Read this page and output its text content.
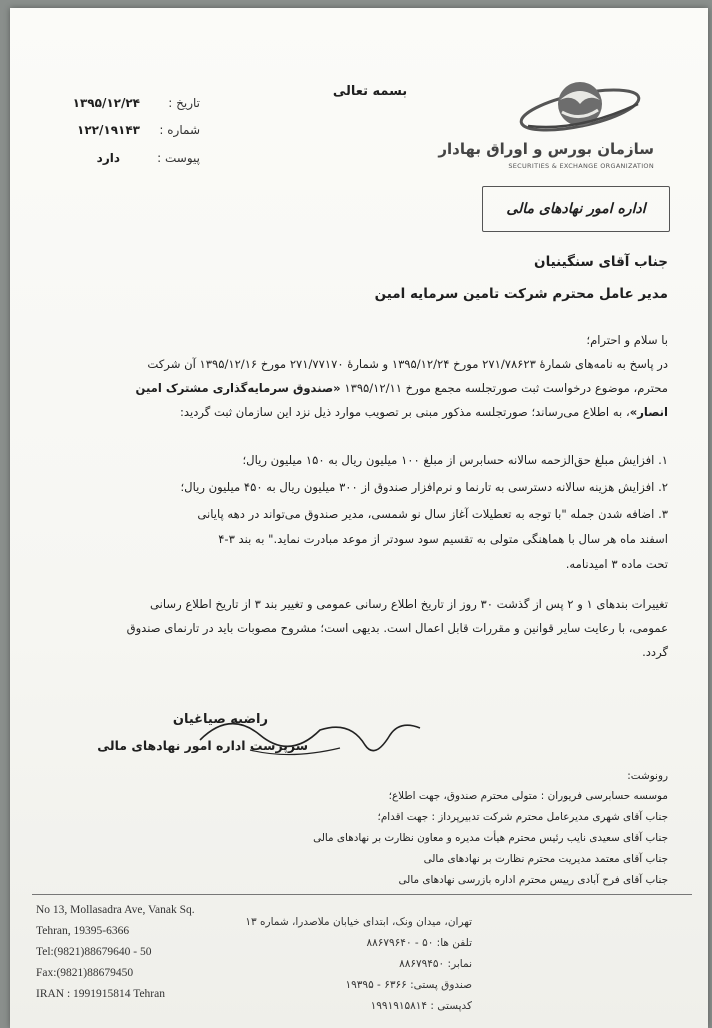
سازمان بورس و اوراق بهادار
SECURITIES & EXCHANGE ORGANIZATION
بسمه تعالی
تاریخ :
۱۳۹۵/۱۲/۲۴
شماره :
۱۲۲/۱۹۱۴۳
پیوست :
دارد
اداره امور نهادهای مالی
جناب آقای سنگینیان
مدیر عامل محترم شرکت تامین سرمایه امین
با سلام و احترام؛
در پاسخ به نامه‌های شمارهٔ ۲۷۱/۷۸۶۲۳ مورخ ۱۳۹۵/۱۲/۲۴ و شمارهٔ ۲۷۱/۷۷۱۷۰ مورخ ۱۳۹۵/۱۲/۱۶ آن شرکت
محترم، موضوع درخواست ثبت صورتجلسه مجمع مورخ ۱۳۹۵/۱۲/۱۱ «صندوق سرمایه‌گذاری مشترک امین
انصار»، به اطلاع می‌رساند؛ صورتجلسه مذکور مبنی بر تصویب موارد ذیل نزد این سازمان ثبت گردید:
۱. افزایش مبلغ حق‌الزحمه سالانه حسابرس از مبلغ ۱۰۰ میلیون ریال به ۱۵۰ میلیون ریال؛
۲. افزایش هزینه سالانه دسترسی به تارنما و نرم‌افزار صندوق از ۳۰۰ میلیون ریال به ۴۵۰ میلیون ریال؛
۳. اضافه شدن جمله "با توجه به تعطیلات آغاز سال نو شمسی، مدیر صندوق می‌تواند در دهه پایانی
اسفند ماه هر سال با هماهنگی متولی به تقسیم سود سودتر از موعد مبادرت نماید." به بند ۳-۴
تحت ماده ۳ امیدنامه.
تغییرات بندهای ۱ و ۲ پس از گذشت ۳۰ روز از تاریخ اطلاع رسانی عمومی و تغییر بند ۳ از تاریخ اطلاع رسانی
عمومی، با رعایت سایر قوانین و مقررات قابل اعمال است. بدیهی است؛ مشروح مصوبات باید در تارنمای صندوق
گردد.
راضیه صیاغیان
سرپرست اداره امور نهادهای مالی
رونوشت:
موسسه حسابرسی فریوران : متولی محترم صندوق، جهت اطلاع؛
جناب آقای شهری مدیرعامل محترم شرکت تدبیرپرداز : جهت اقدام؛
جناب آقای سعیدی نایب رئیس محترم هیأت مدیره و معاون نظارت بر نهادهای مالی
جناب آقای معتمد مدیریت محترم نظارت بر نهادهای مالی
جناب آقای فرح آبادی رییس محترم اداره بازرسی نهادهای مالی
No 13, Mollasadra Ave, Vanak Sq.
Tehran, 19395-6366
Tel:(9821)88679640 - 50
Fax:(9821)88679450
IRAN : 1991915814 Tehran
تهران، میدان ونک، ابتدای خیابان ملاصدرا، شماره ۱۳
تلفن ها: ۵۰ - ۸۸۶۷۹۶۴۰
نمابر: ۸۸۶۷۹۴۵۰
صندوق پستی: ۶۳۶۶ - ۱۹۳۹۵
کدپستی : ۱۹۹۱۹۱۵۸۱۴
